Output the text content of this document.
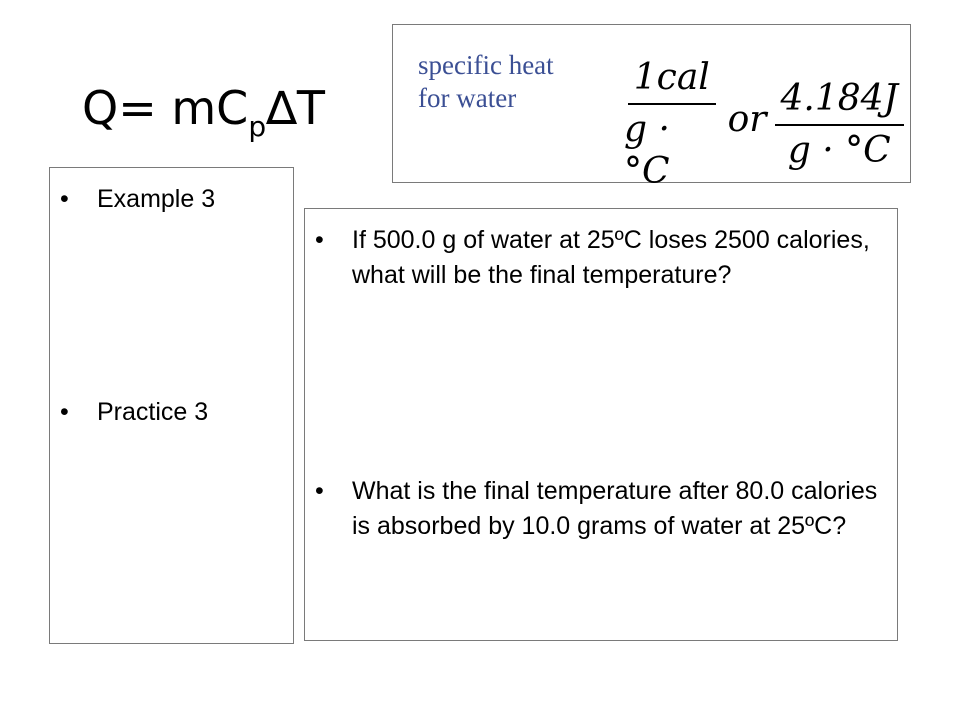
$Q= mC_p\Delta T$
specific heat
for water	$\frac{\text{1cal}}{g \cdot ^\circ C}$ or $\frac{4.184J}{g \cdot ^\circ C}$
•	Example 3
•	Practice 3
•	If 500.0 g of water at 25ºC loses 2500 calories, what will be the final temperature?
•	What is the final temperature after 80.0 calories is absorbed by 10.0 grams of water at 25ºC?
